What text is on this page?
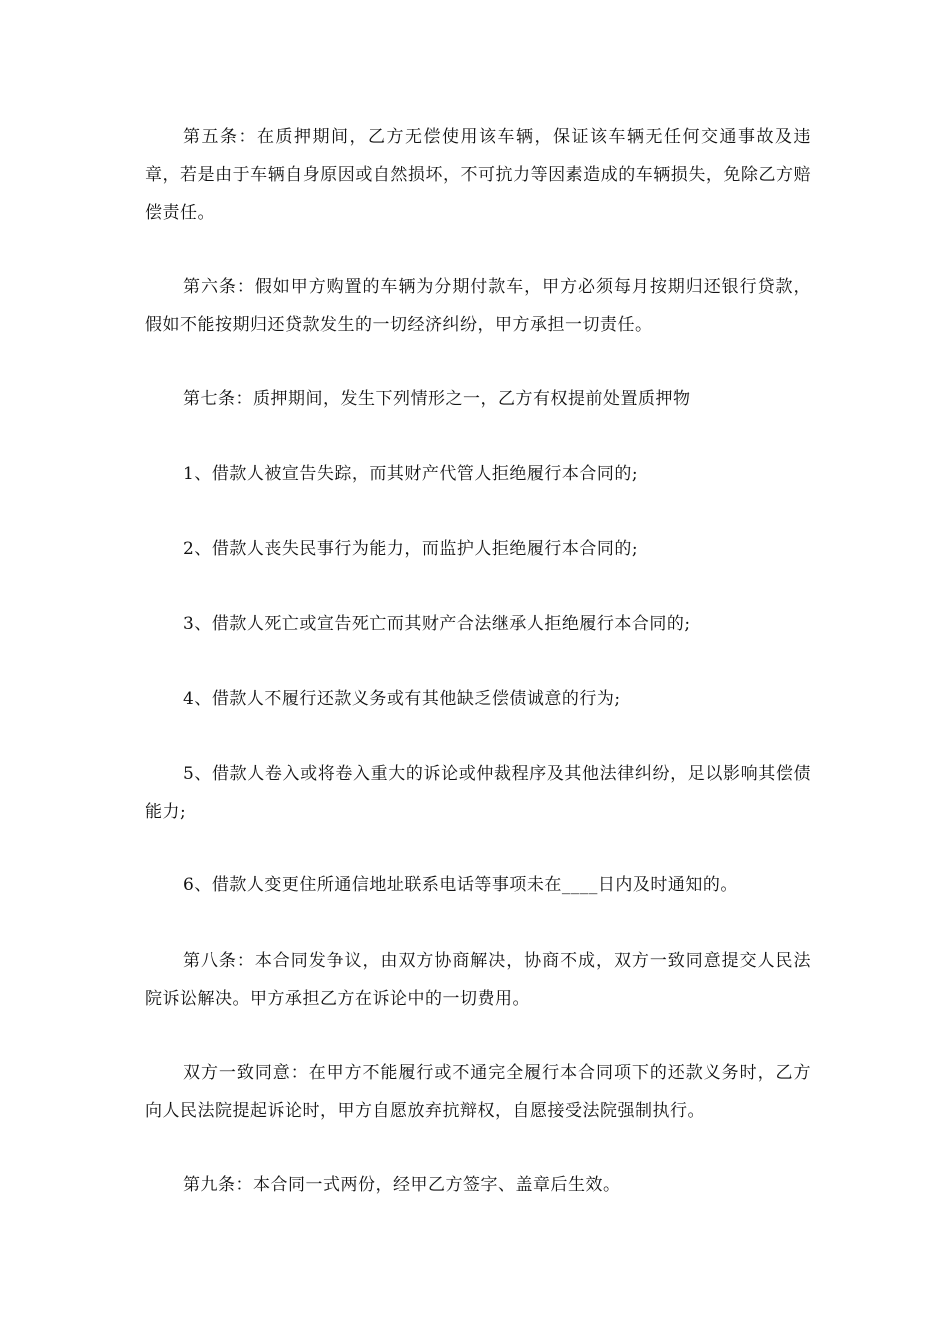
第五条：在质押期间，乙方无偿使用该车辆，保证该车辆无任何交通事故及违章，若是由于车辆自身原因或自然损坏，不可抗力等因素造成的车辆损失，免除乙方赔偿责任。

第六条：假如甲方购置的车辆为分期付款车，甲方必须每月按期归还银行贷款，假如不能按期归还贷款发生的一切经济纠纷，甲方承担一切责任。

第七条：质押期间，发生下列情形之一，乙方有权提前处置质押物

1、借款人被宣告失踪，而其财产代管人拒绝履行本合同的;

2、借款人丧失民事行为能力，而监护人拒绝履行本合同的;

3、借款人死亡或宣告死亡而其财产合法继承人拒绝履行本合同的;

4、借款人不履行还款义务或有其他缺乏偿债诚意的行为;

5、借款人卷入或将卷入重大的诉论或仲裁程序及其他法律纠纷，足以影响其偿债能力;

6、借款人变更住所通信地址联系电话等事项未在____日内及时通知的。

第八条：本合同发争议，由双方协商解决，协商不成，双方一致同意提交人民法院诉讼解决。甲方承担乙方在诉论中的一切费用。

双方一致同意：在甲方不能履行或不通完全履行本合同项下的还款义务时，乙方向人民法院提起诉论时，甲方自愿放弃抗辩权，自愿接受法院强制执行。

第九条：本合同一式两份，经甲乙方签字、盖章后生效。
